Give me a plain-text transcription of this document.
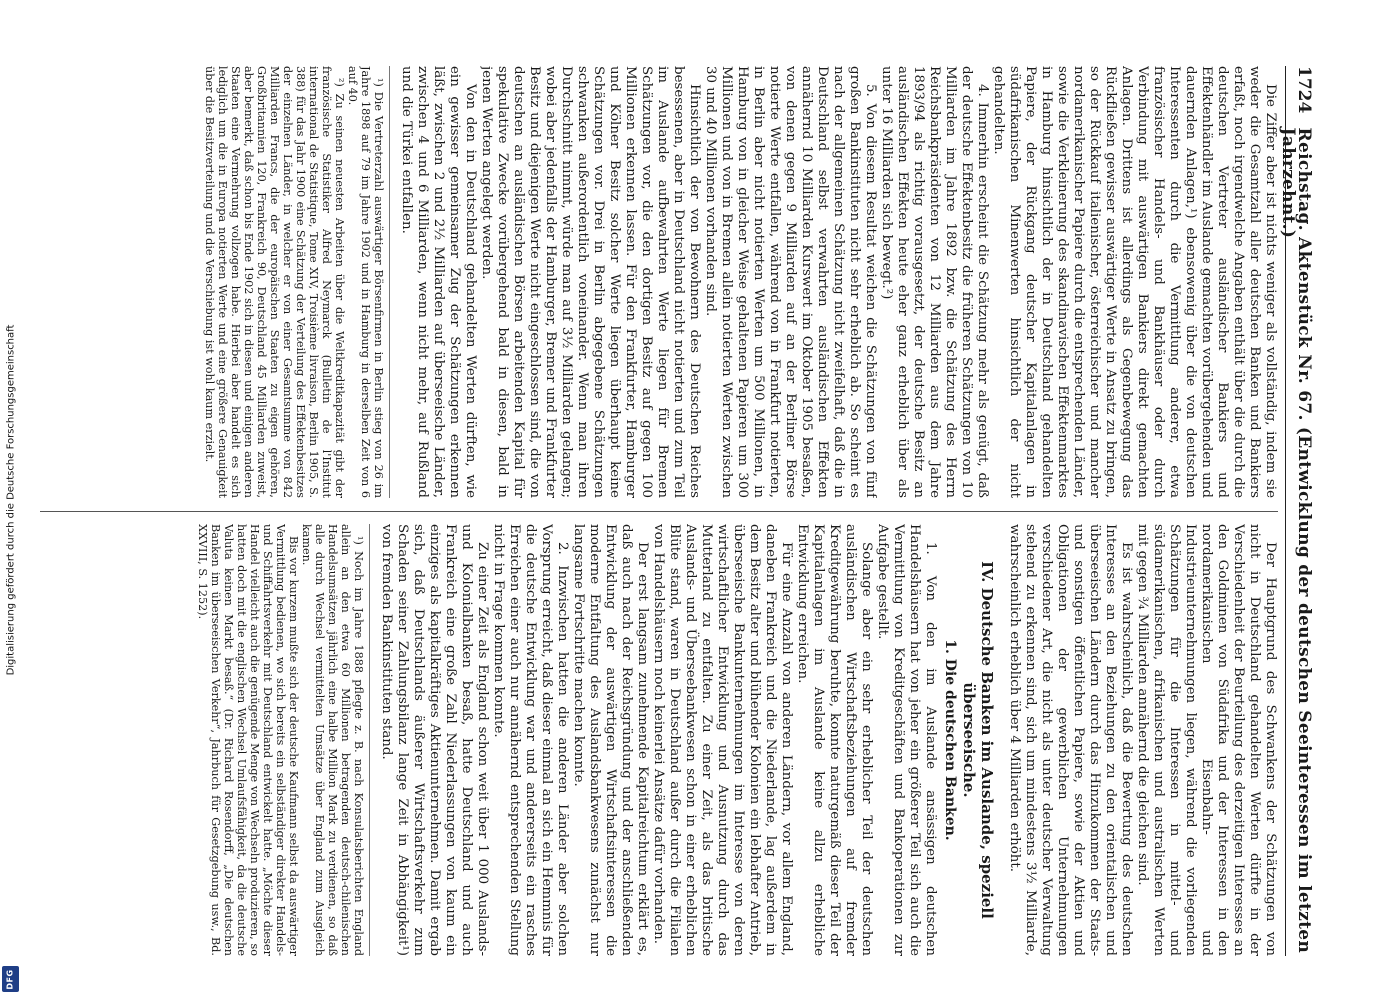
Digitalisierung gefördert durch die Deutsche Forschungsgemeinschaft
DFG
1724
Reichstag. Aktenstück Nr. 67. (Entwicklung der deutschen Seeinteressen im letzten Jahrzehnt.)

Die Ziffer aber ist nichts weniger als vollständig, indem sie weder die Gesamtzahl aller deutschen Banken und Bankiers erfaßt, noch irgendwelche Angaben enthält über die durch die deutschen Vertreter ausländischer Bankiers und Effektenhändler im Auslande gemachten vorübergehenden und dauernden Anlagen,¹) ebensowenig über die von deutschen Interessenten durch die Vermittlung anderer, etwa französischer Handels- und Bankhäuser oder durch Verbindung mit auswärtigen Bankiers direkt gemachten Anlagen. Drittens ist allerdings als Gegenbewegung das Rückfließen gewisser auswärtiger Werte in Ansatz zu bringen, so der Rückkauf italienischer, österreichischer und mancher nordamerikanischer Papiere durch die entsprechenden Länder, sowie die Verkleinerung des skandinavischen Effektenmarktes in Hamburg hinsichtlich der in Deutschland gehandelten Papiere, der Rückgang deutscher Kapitalanlagen in südafrikanischen Minenwerten hinsichtlich der nicht gehandelten.

4. Immerhin erscheint die Schätzung mehr als genügt, daß der deutsche Effektenbesitz die früheren Schätzungen von 10 Milliarden im Jahre 1892 bzw. die Schätzung des Herrn Reichsbankpräsidenten von 12 Milliarden aus dem Jahre 1893/94 als richtig vorausgesetzt, der deutsche Besitz an ausländischen Effekten heute eher ganz erheblich über als unter 16 Milliarden sich bewegt.²)

5. Von diesem Resultat weichen die Schätzungen von fünf großen Bankinstituten nicht sehr erheblich ab. So scheint es nach der allgemeinen Schätzung nicht zweifelhaft, daß die in Deutschland selbst verwahrten ausländischen Effekten annähernd 10 Milliarden Kurswert im Oktober 1905 besaßen, von denen gegen 9 Milliarden auf an der Berliner Börse notierte Werte entfallen, während von in Frankfurt notierten, in Berlin aber nicht notierten Werten um 500 Millionen, in Hamburg von in gleicher Weise gehaltenen Papieren um 300 Millionen und von in Bremen allein notierten Werten zwischen 30 und 40 Millionen vorhanden sind.

Hinsichtlich der von Bewohnern des Deutschen Reiches besessenen, aber in Deutschland nicht notierten und zum Teil im Auslande aufbewahrten Werte liegen für Bremen Schätzungen vor, die den dortigen Besitz auf gegen 100 Millionen erkennen lassen. Für den Frankfurter, Hamburger und Kölner Besitz solcher Werte liegen überhaupt keine Schätzungen vor. Drei in Berlin abgegebene Schätzungen schwanken außerordentlich voneinander. Wenn man ihren Durchschnitt nimmt, würde man auf 3½ Milliarden gelangen; wobei aber jedenfalls der Hamburger, Bremer und Frankfurter Besitz und diejenigen Werte nicht eingeschlossen sind, die von deutschen an ausländischen Börsen arbeitenden Kapital für spekulative Zwecke vorübergehend bald in diesen, bald in jenen Werten angelegt werden.

Von den in Deutschland gehandelten Werten dürften, wie ein gewisser gemeinsamer Zug der Schätzungen erkennen läßt, zwischen 2 und 2½ Milliarden auf überseeische Länder, zwischen 4 und 6 Milliarden, wenn nicht mehr, auf Rußland und die Türkei entfallen.

¹) Die Vertreterzahl auswärtiger Börsenfirmen in Berlin stieg von 26 im Jahre 1898 auf 79 im Jahre 1902 und in Hamburg in derselben Zeit von 6 auf 40.

²) Zu seinen neuesten Arbeiten über die Weltkreditkapazität gibt der französische Statistiker Alfred Neymarck (Bulletin de l'Institut international de Statistique, Tome XIV, Troisième livraison, Berlin 1905, S. 388) für das Jahr 1900 eine Schätzung der Verteilung des Effektenbesitzes der einzelnen Länder, in welcher er von einer Gesamtsumme von 842 Milliarden Francs, die der europäischen Staaten zu eigen gehören, Großbritannien 120, Frankreich 90, Deutschland 45 Milliarden zuweist, aber bemerkt, daß schon bis Ende 1902 sich in diesen und einigen anderen Staaten eine Vermehrung vollzogen habe. Hierbei aber handelt es sich lediglich um die in Europa notierten Werte und eine größere Genauigkeit über die Besitzverteilung und die Verschiebung ist wohl kaum erzielt.

Der Hauptgrund des Schwankens der Schätzungen von nicht in Deutschland gehandelten Werten dürfte in der Verschiedenheit der Beurteilung des derzeitigen Interesses an den Goldminen von Südafrika und der Interessen in den nordamerikanischen Eisenbahn- und Industrieunternehmungen liegen, während die vorliegenden Schätzungen für die Interessen in mittel- und südamerikanischen, afrikanischen und australischen Werten mit gegen ¾ Milliarden annähernd die gleichen sind.

Es ist wahrscheinlich, daß die Bewertung des deutschen Interesses an den Beziehungen zu den orientalischen und überseeischen Ländern durch das Hinzukommen der Staats- und sonstigen öffentlichen Papiere, sowie der Aktien und Obligationen der gewerblichen Unternehmungen verschiedener Art, die nicht als unter deutscher Verwaltung stehend zu erkennen sind, sich um mindestens 3½ Milliarde, wahrscheinlich erheblich über 4 Milliarden erhöht.

IV. Deutsche Banken im Auslande, speziell überseeische.
1. Die deutschen Banken.

1. Von den im Auslande ansässigen deutschen Handelshäusern hat von jeher ein größerer Teil sich auch die Vermittlung von Kreditgeschäften und Bankoperationen zur Aufgabe gestellt.

Solange aber ein sehr erheblicher Teil der deutschen ausländischen Wirtschaftsbeziehungen auf fremder Kreditgewährung beruhte, konnte naturgemäß dieser Teil der Kapitalanlagen im Auslande keine allzu erhebliche Entwicklung erreichen.

Für eine Anzahl von anderen Ländern, vor allem England, daneben Frankreich und die Niederlande, lag außerdem in dem Besitz alter und blühender Kolonien ein lebhafter Antrieb, überseeische Bankunternehmungen im Interesse von deren wirtschaftlicher Entwicklung und Ausnutzung durch das Mutterland zu entfalten. Zu einer Zeit, als das britische Auslands- und Überseebankwesen schon in einer erheblichen Blüte stand, waren in Deutschland außer durch die Filialen von Handelshäusern noch keinerlei Ansätze dafür vorhanden.

Der erst langsam zunehmende Kapitalreichtum erklärt es, daß auch nach der Reichsgründung und der anschließenden Entwicklung der auswärtigen Wirtschaftsinteressen die moderne Entfaltung des Auslandsbankwesens zunächst nur langsame Fortschritte machen konnte.

2. Inzwischen hatten die anderen Länder aber solchen Vorsprung erreicht, daß dieser einmal an sich ein Hemmnis für die deutsche Entwicklung war und andererseits ein rasches Erreichen einer auch nur annähernd entsprechenden Stellung nicht in Frage kommen konnte.

Zu einer Zeit als England schon weit über 1 000 Auslands- und Kolonialbanken besaß, hatte Deutschland und auch Frankreich eine große Zahl Niederlassungen von kaum ein einziges als kapitalkräftiges Aktienunternehmen. Damit ergab sich, daß Deutschlands äußerer Wirtschaftsverkehr zum Schaden seiner Zahlungsbilanz lange Zeit in Abhängigkeit¹) von fremden Bankinstituten stand.

¹) Noch im Jahre 1888 pflegte z. B. nach Konsulatsberichten England allein an den etwa 60 Millionen betragenden deutsch-chilenischen Handelsumsätzen jährlich eine halbe Million Mark zu verdienen, so daß alle durch Wechsel vermittelten Umsätze über England zum Ausgleich kamen.

Bis vor kurzem mußte sich der deutsche Kaufmann selbst da auswärtiger Vermittlung bedienen, wo sich bereits ein selbständiger direkter Handels- und Schiffahrtsverkehr mit Deutschland entwickelt hatte. „Möchte dieser Handel vielleicht auch die genügende Menge von Wechseln produzieren, so hatten doch mit die englischen Wechsel Umlaufsfähigkeit, da die deutsche Valuta keinen Markt besaß.“ (Dr. Richard Rosendorff, „Die deutschen Banken im überseeischen Verkehr“, Jahrbuch für Gesetzgebung usw., Bd. XXVIII, S. 1252).
